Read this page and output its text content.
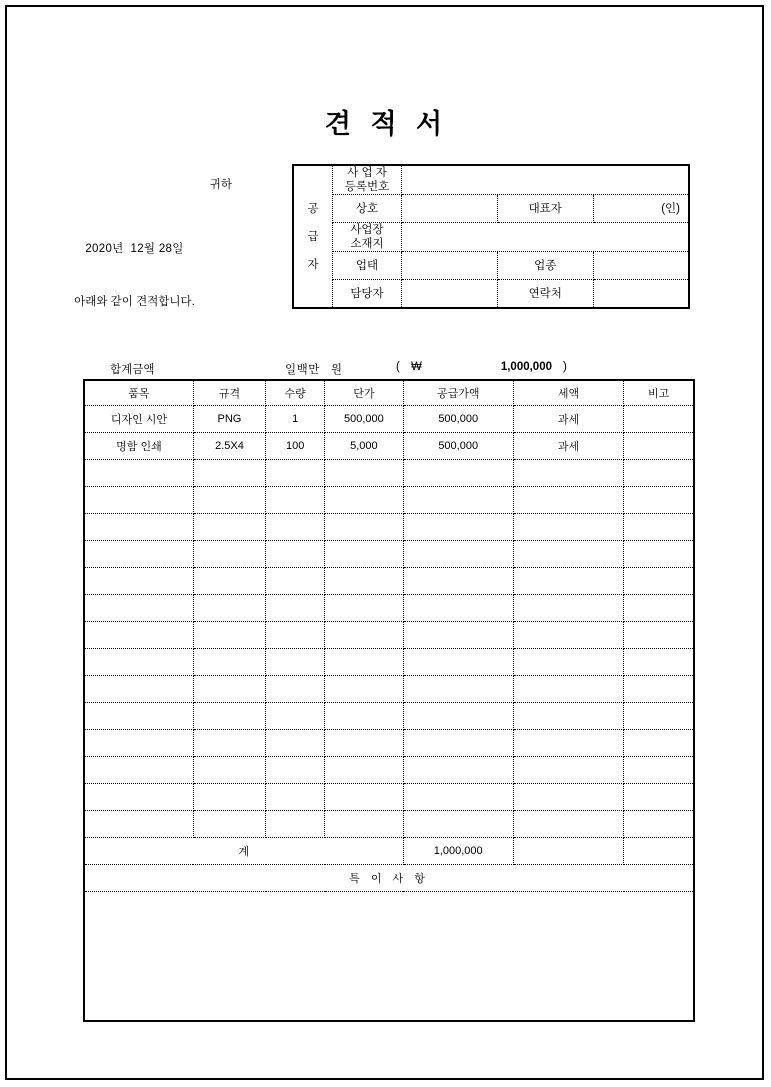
견 적 서
귀하
2020년  12월 28일
아래와 같이 견적합니다.
공
급
자

사 업 자
등록번호

	상호		대표자	(인)

	사업장
소재지			

	업태		업종	
	담당자		연락처	
합계금액	일백만   원	( ₩	1,000,000 )
품목	규격	수량	단가	공급가액	세액	비고
디자인 시안	PNG	1	500,000	500,000	과세	
명함 인쇄	2.5X4	100	5,000	500,000	과세	

계				1,000,000		
특 이 사 항						
